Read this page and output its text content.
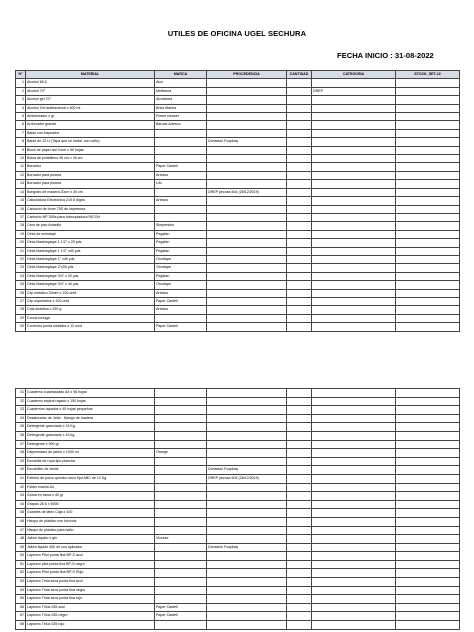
UTILES DE OFICINA UGEL SECHURA
FECHA INICIO : 31-08-2022
N°	MATERIAL	MARCA	PROCEDENCIA	CANTIDAD	CATEGORIA	STOCK_SET-22
1	Alcohol 69.5	Alco				
2	Alcohol 70°	Metfarma			DREP	
3	Alcohol gel 70°	Alcofarma				
4	Alcohol Gel antibacterial x 400 ml	Brisa Marina				
5	Ambientador x gl	Power cleaner				
6	Archivador grande	Baruck-Artesco				
7	Balde con trapeador					
8	Balde de 12 Lt (Tapa que se metal, con caño)		Donación Foopbay			
9	Block de papel ant Color x 50 hojas					
10	Bolsa de polietileno 26 cm x 40 cm					
11	Borrador	Paper Castell				
12	Borrador para pizarra	Artesco				
13	Borrador para pizarra	Lilo				
14	Bolígrafo de madera 20cm x 30 cm		DREP pecosa 504 (26/12/2019)			
15	Calculadora Electrónica 215 8 dígito	Artesco				
16	Cartucho de tóner 75S de impresora					
17	Cartucho NP 355a para fotocopiadora RICOH					
18	Cera de piso Amarillo	Simpérstrio				
19	Cinta de embalaje	Pegafan				
20	Cinta Maskingtape 1 1/2" x 20 yds	Pegafan				
21	Cinta Maskingtape 1 1/2" x40 yds	Pegafan				
22	Cinta Maskingtape 1" x40 yds	Onurtape				
23	Cinta Maskingtape 2"x55 yds	Onurtape				
24	Cinta Maskingtape 3/4" x 20 yds	Pegafan				
25	Cinta Maskingtape 3/4" x 40 yds	Onurtape				
26	Clip metálico 33mm x 100 unid	Artesco				
27	Clip niquelados x 100 unid	Paper Castell				
28	Cola sintética x 250 g	Artesco				
29	Conos tortuga					
30	Corrector punta metálica x 12 unid	Paper Castell				
31	Cuaderno cuadriculado A4 x 96 hojas					
32	Cuaderno espiral rayado x 150 hojas					
33	Cuadernos rayados x 40 hojas pequeños					
34	Desatorador de Jebe - Mango de madera					
35	Detergente granulado x 14 Kg					
36	Detergente granulado x 15 kg					
37	Detergente x 900 gr					
38	Dispensador de jabón x 1000 ml	Orange				
39	Escobilla de ropa tipo plancha					
40	Escobillón de cerda		Donación Foopbay			
41	Extintor de polvo químico seco tipo ABC de 12 Kg		DREP pecosa 504 (26/12/2019)			
42	Fólder manila A4					
43	Goma en barra x 40 gr					
44	Grapas 26 6 x 5000					
45	Guantes de látex Caja x 100					
46	Hisopo de plástico con tórunda					
47	Hisopo de plástico para baño					
48	Jabón líquido x gln	Vicesse				
49	Jabón liquido 400 ml con aplicador		Donación Foopbay			
50	Lapicero Pilot punta fina BP-S azul					
51	Lapicero pilot punta fina BP-S negro					
52	Lapicero Pilot punta fina BP-S Rojo					
53	Lapicero Tinta seca punta fina azul					
54	Lapicero Tinta seca punta fina negro					
55	Lapicero Tinta seca punta fina rojo					
56	Lapicero Trilux 035 azul	Paper Castell				
57	Lapicero Trilux 035 negro	Paper Castell				
58	Lapicero Trilux 035 rojo					
